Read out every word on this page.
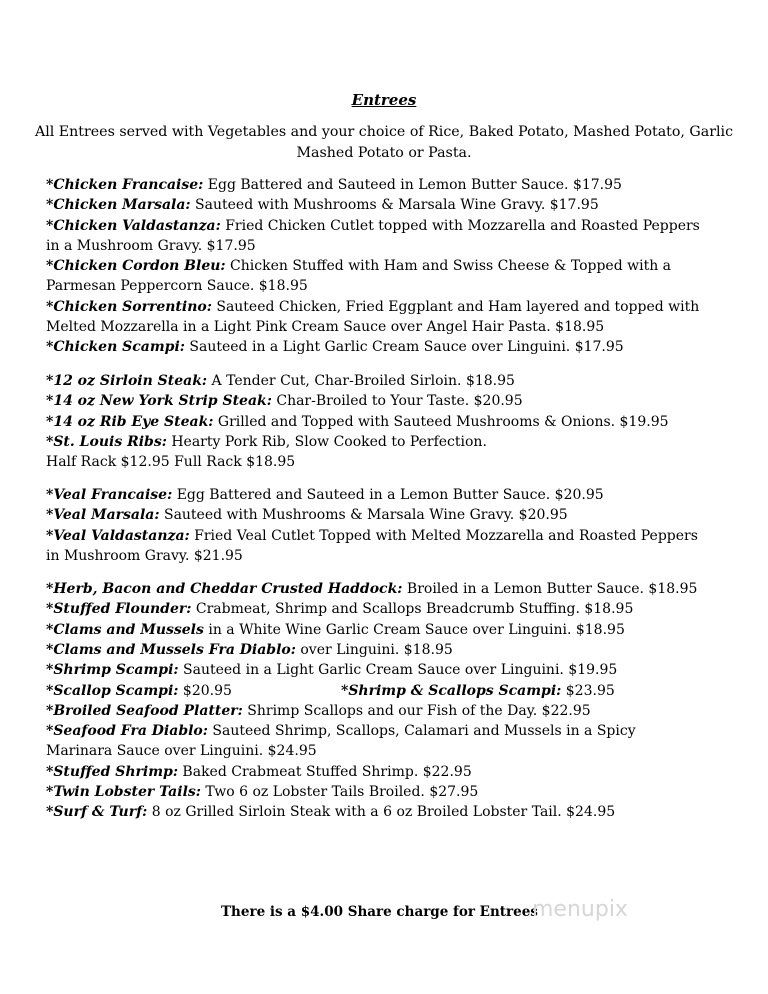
Entrees
All Entrees served with Vegetables and your choice of Rice, Baked Potato, Mashed Potato, Garlic Mashed Potato or Pasta.
*Chicken Francaise: Egg Battered and Sauteed in Lemon Butter Sauce. $17.95
*Chicken Marsala: Sauteed with Mushrooms & Marsala Wine Gravy. $17.95
*Chicken Valdastanza: Fried Chicken Cutlet topped with Mozzarella and Roasted Peppers
in a Mushroom Gravy. $17.95
*Chicken Cordon Bleu: Chicken Stuffed with Ham and Swiss Cheese & Topped with a
Parmesan Peppercorn Sauce. $18.95
*Chicken Sorrentino: Sauteed Chicken, Fried Eggplant and Ham layered and topped with
Melted Mozzarella in a Light Pink Cream Sauce over Angel Hair Pasta. $18.95
*Chicken Scampi: Sauteed in a Light Garlic Cream Sauce over Linguini. $17.95
*12 oz Sirloin Steak: A Tender Cut, Char-Broiled Sirloin. $18.95
*14 oz New York Strip Steak: Char-Broiled to Your Taste. $20.95
*14 oz Rib Eye Steak: Grilled and Topped with Sauteed Mushrooms & Onions. $19.95
*St. Louis Ribs: Hearty Pork Rib, Slow Cooked to Perfection.
Half Rack $12.95 Full Rack $18.95
*Veal Francaise: Egg Battered and Sauteed in a Lemon Butter Sauce. $20.95
*Veal Marsala: Sauteed with Mushrooms & Marsala Wine Gravy. $20.95
*Veal Valdastanza: Fried Veal Cutlet Topped with Melted Mozzarella and Roasted Peppers
in Mushroom Gravy. $21.95
*Herb, Bacon and Cheddar Crusted Haddock: Broiled in a Lemon Butter Sauce. $18.95
*Stuffed Flounder: Crabmeat, Shrimp and Scallops Breadcrumb Stuffing. $18.95
*Clams and Mussels in a White Wine Garlic Cream Sauce over Linguini. $18.95
*Clams and Mussels Fra Diablo: over Linguini. $18.95
*Shrimp Scampi: Sauteed in a Light Garlic Cream Sauce over Linguini. $19.95
*Scallop Scampi: $20.95	*Shrimp & Scallops Scampi: $23.95
*Broiled Seafood Platter: Shrimp Scallops and our Fish of the Day. $22.95
*Seafood Fra Diablo: Sauteed Shrimp, Scallops, Calamari and Mussels in a Spicy
Marinara Sauce over Linguini. $24.95
*Stuffed Shrimp: Baked Crabmeat Stuffed Shrimp. $22.95
*Twin Lobster Tails: Two 6 oz Lobster Tails Broiled. $27.95
*Surf & Turf: 8 oz Grilled Sirloin Steak with a 6 oz Broiled Lobster Tail. $24.95
There is a $4.00 Share charge for Entrees
menupix
